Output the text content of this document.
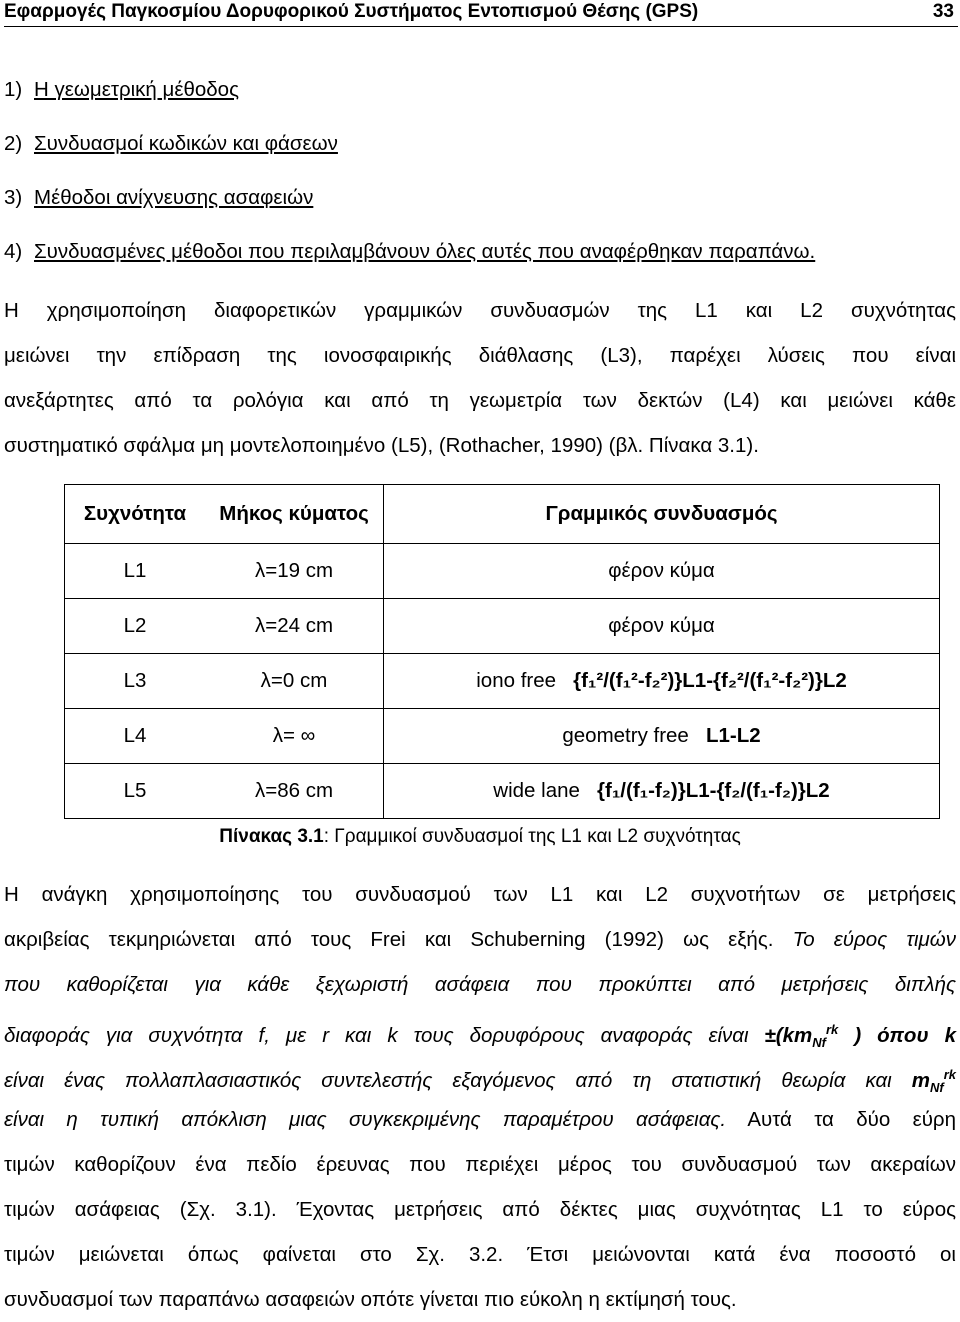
Εφαρμογές Παγκοσμίου Δορυφορικού Συστήματος Εντοπισμού Θέσης (GPS)	33
1) Η γεωμετρική μέθοδος
2) Συνδυασμοί κωδικών και φάσεων
3) Μέθοδοι ανίχνευσης ασαφειών
4) Συνδυασμένες μέθοδοι που περιλαμβάνουν όλες αυτές που αναφέρθηκαν παραπάνω.
Η χρησιμοποίηση διαφορετικών γραμμικών συνδυασμών της L1 και L2 συχνότητας
μειώνει την επίδραση της ιονοσφαιρικής διάθλασης (L3), παρέχει λύσεις που είναι
ανεξάρτητες από τα ρολόγια και από τη γεωμετρία των δεκτών (L4) και μειώνει κάθε
συστηματικό σφάλμα μη μοντελοποιημένο (L5), (Rothacher, 1990) (βλ. Πίνακα 3.1).
Συχνότητα	Μήκος κύματος	Γραμμικός συνδυασμός
L1	λ=19 cm	φέρον κύμα
L2	λ=24 cm	φέρον κύμα
L3	λ=0 cm	iono free {f₁²/(f₁²-f₂²)}L1-{f₂²/(f₁²-f₂²)}L2
L4	λ= ∞	geometry free L1-L2
L5	λ=86 cm	wide lane {f₁/(f₁-f₂)}L1-{f₂/(f₁-f₂)}L2
Πίνακας 3.1: Γραμμικοί συνδυασμοί της L1 και L2 συχνότητας
Η ανάγκη χρησιμοποίησης του συνδυασμού των L1 και L2 συχνοτήτων σε μετρήσεις
ακριβείας τεκμηριώνεται από τους Frei και Schuberning (1992) ως εξής. Το εύρος τιμών
που καθορίζεται για κάθε ξεχωριστή ασάφεια που προκύπτει από μετρήσεις διπλής
διαφοράς για συχνότητα f, με r και k τους δορυφόρους αναφοράς $\varepsilon ί\nu\alpha\iota \pm(km_{Nf}^{rk}$ ) όπου k
είναι ένας πολλαπλασιαστικός συντελεστής εξαγόμενος από τη στατιστική θεωρία και $m_{Nf}^{rk}$
είναι η τυπική απόκλιση μιας συγκεκριμένης παραμέτρου ασάφειας. Αυτά τα δύο εύρη
τιμών καθορίζουν ένα πεδίο έρευνας που περιέχει μέρος του συνδυασμού των ακεραίων
τιμών ασάφειας (Σχ. 3.1). Έχοντας μετρήσεις από δέκτες μιας συχνότητας L1 το εύρος
τιμών μειώνεται όπως φαίνεται στο Σχ. 3.2. Έτσι μειώνονται κατά ένα ποσοστό οι
συνδυασμοί των παραπάνω ασαφειών οπότε γίνεται πιο εύκολη η εκτίμησή τους.
